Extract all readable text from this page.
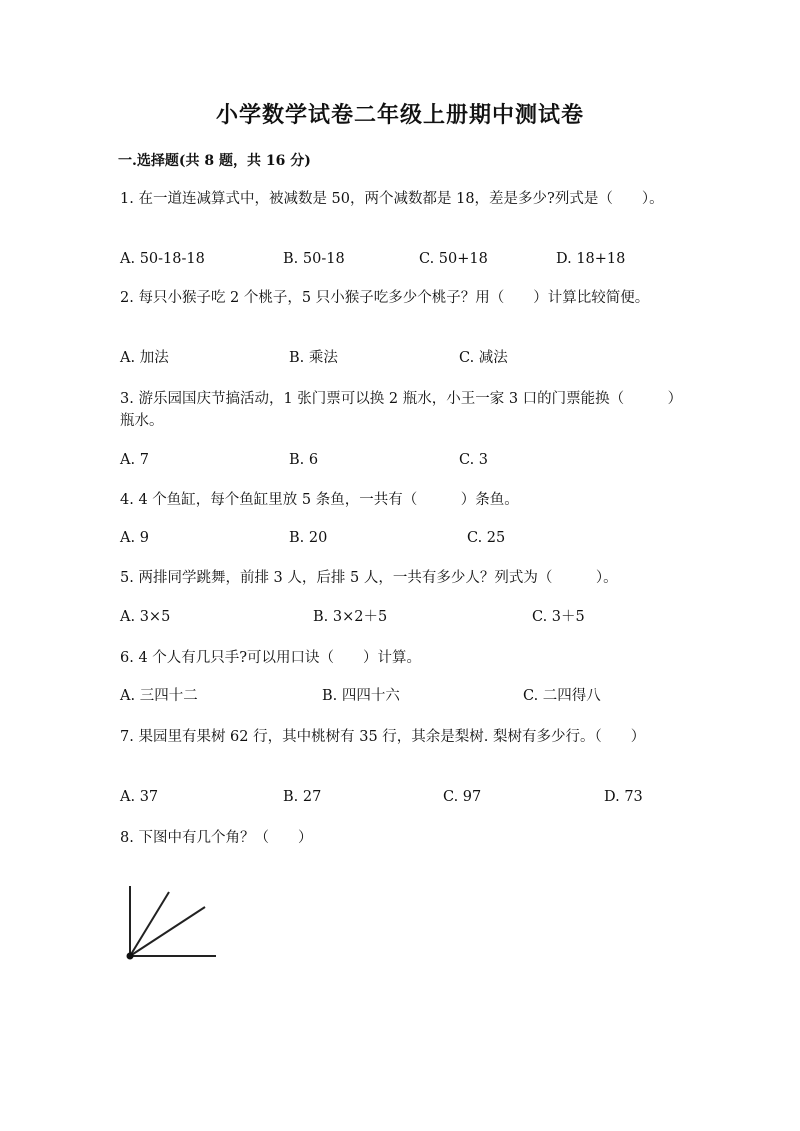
小学数学试卷二年级上册期中测试卷
一.选择题(共 8 题，共 16 分)
1. 在一道连减算式中，被减数是 50，两个减数都是 18，差是多少?列式是（　　）。
A. 50-18-18	B. 50-18	C. 50+18	D. 18+18
2. 每只小猴子吃 2 个桃子，5 只小猴子吃多少个桃子？用（　　）计算比较简便。
A. 加法	B. 乘法	C. 减法
3. 游乐园国庆节搞活动，1 张门票可以换 2 瓶水，小王一家 3 口的门票能换（　　　）瓶水。
A. 7	B. 6	C. 3
4. 4 个鱼缸，每个鱼缸里放 5 条鱼，一共有（　　　）条鱼。
A. 9	B. 20	C. 25
5. 两排同学跳舞，前排 3 人，后排 5 人，一共有多少人？列式为（　　　）。
A. 3×5	B. 3×2＋5	C. 3＋5
6. 4 个人有几只手?可以用口诀（　　）计算。
A. 三四十二	B. 四四十六	C. 二四得八
7. 果园里有果树 62 行，其中桃树有 35 行，其余是梨树. 梨树有多少行。（　　）
A. 37	B. 27	C. 97	D. 73
8. 下图中有几个角？（　　）
